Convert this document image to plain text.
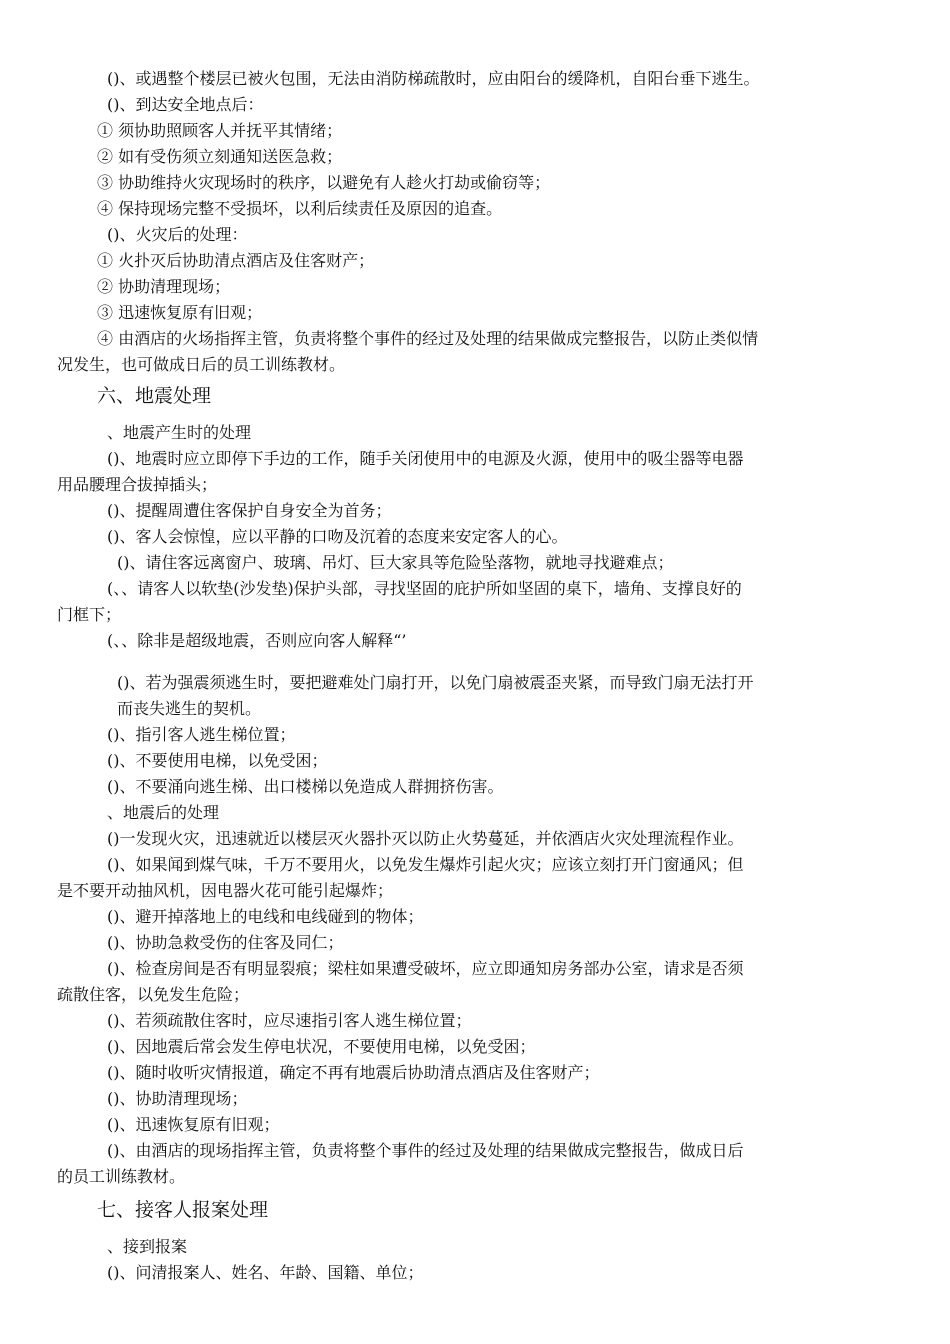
()、或遇整个楼层已被火包围，无法由消防梯疏散时，应由阳台的缓降机，自阳台垂下逃生。
()、到达安全地点后：
① 须协助照顾客人并抚平其情绪；
② 如有受伤须立刻通知送医急救；
③ 协助维持火灾现场时的秩序，以避免有人趁火打劫或偷窃等；
④ 保持现场完整不受损坏，以利后续责任及原因的追查。
()、火灾后的处理：
① 火扑灭后协助清点酒店及住客财产；
② 协助清理现场；
③ 迅速恢复原有旧观；
④ 由酒店的火场指挥主管，负责将整个事件的经过及处理的结果做成完整报告，以防止类似情
况发生，也可做成日后的员工训练教材。
六、地震处理
、地震产生时的处理
()、地震时应立即停下手边的工作，随手关闭使用中的电源及火源，使用中的吸尘器等电器
用品腰理合拔掉插头；
()、提醒周遭住客保护自身安全为首务；
()、客人会惊惶，应以平静的口吻及沉着的态度来安定客人的心。
()、请住客远离窗户、玻璃、吊灯、巨大家具等危险坠落物，就地寻找避难点；
(、、请客人以软垫(沙发垫)保护头部，寻找坚固的庇护所如坚固的桌下，墙角、支撑良好的
门框下；
(、、除非是超级地震，否则应向客人解释“’
()、若为强震须逃生时，要把避难处门扇打开，以免门扇被震歪夹紧，而导致门扇无法打开
而丧失逃生的契机。
()、指引客人逃生梯位置；
()、不要使用电梯，以免受困；
()、不要涌向逃生梯、出口楼梯以免造成人群拥挤伤害。
、地震后的处理
()一发现火灾，迅速就近以楼层灭火器扑灭以防止火势蔓延，并依酒店火灾处理流程作业。
()、如果闻到煤气味，千万不要用火，以免发生爆炸引起火灾；应该立刻打开门窗通风；但
是不要开动抽风机，因电器火花可能引起爆炸；
()、避开掉落地上的电线和电线碰到的物体；
()、协助急救受伤的住客及同仁；
()、检查房间是否有明显裂痕；梁柱如果遭受破坏，应立即通知房务部办公室，请求是否须
疏散住客，以免发生危险；
()、若须疏散住客时，应尽速指引客人逃生梯位置；
()、因地震后常会发生停电状况，不要使用电梯，以免受困；
()、随时收听灾情报道，确定不再有地震后协助清点酒店及住客财产；
()、协助清理现场；
()、迅速恢复原有旧观；
()、由酒店的现场指挥主管，负责将整个事件的经过及处理的结果做成完整报告，做成日后
的员工训练教材。
七、接客人报案处理
、接到报案
()、问清报案人、姓名、年龄、国籍、单位；
